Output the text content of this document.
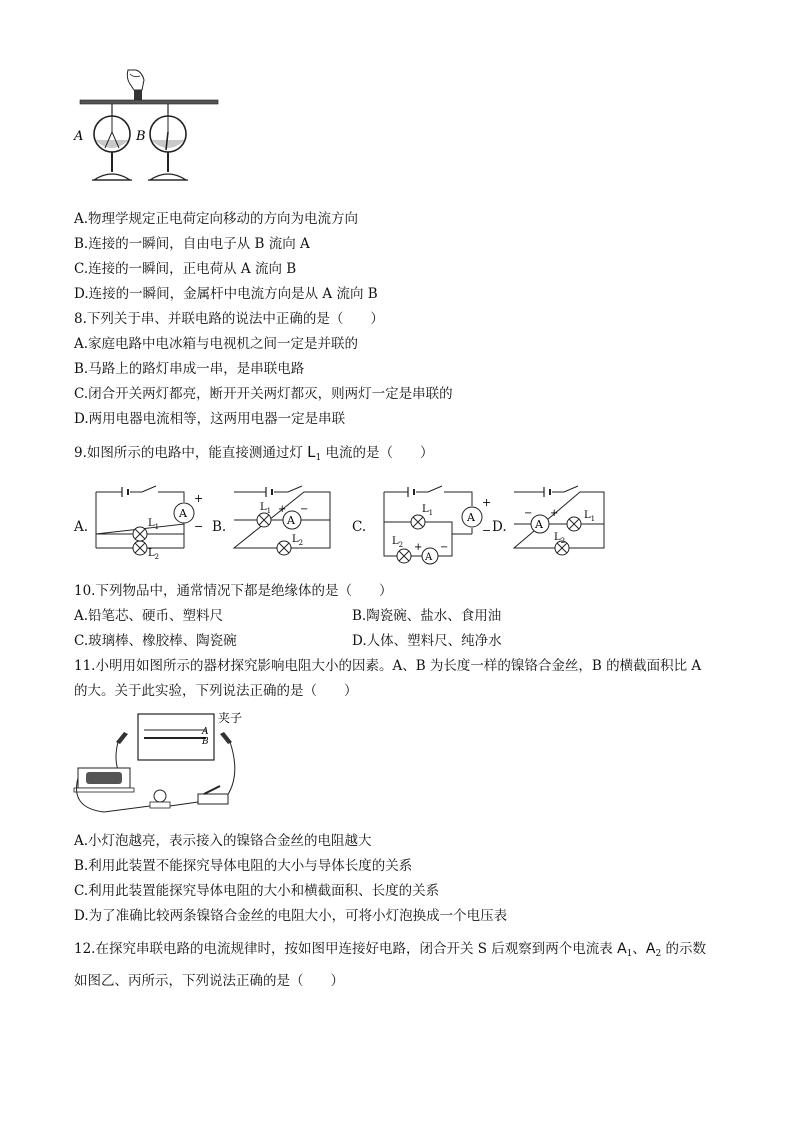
A	B
A.物理学规定正电荷定向移动的方向为电流方向
B.连接的一瞬间，自由电子从 B 流向 A
C.连接的一瞬间，正电荷从 A 流向 B
D.连接的一瞬间，金属杆中电流方向是从 A 流向 B
8.下列关于串、并联电路的说法中正确的是（　　）
A.家庭电路中电冰箱与电视机之间一定是并联的
B.马路上的路灯串成一串，是串联电路
C.闭合开关两灯都亮，断开开关两灯都灭，则两灯一定是串联的
D.两用电器电流相等，这两用电器一定是串联
9.如图所示的电路中，能直接测通过灯 $L_1$ 电流的是（　　）
A.
A
+
−
$L_1$
$L_2$
B.
$L_1$
A
+ −
$L_2$
C.
A
+
−
$L_1$
$L_2$
A
+ −
D.	A
− +	$L_1$
$L_2$
10.下列物品中，通常情况下都是绝缘体的是（　　）
A.铅笔芯、硬币、塑料尺	B.陶瓷碗、盐水、食用油
C.玻璃棒、橡胶棒、陶瓷碗	D.人体、塑料尺、纯净水
11.小明用如图所示的器材探究影响电阻大小的因素。A、B 为长度一样的镍铬合金丝，B 的横截面积比 A
的大。关于此实验，下列说法正确的是（　　）
A
B
夹子
A.小灯泡越亮，表示接入的镍铬合金丝的电阻越大
B.利用此装置不能探究导体电阻的大小与导体长度的关系
C.利用此装置能探究导体电阻的大小和横截面积、长度的关系
D.为了准确比较两条镍铬合金丝的电阻大小，可将小灯泡换成一个电压表
12.在探究串联电路的电流规律时，按如图甲连接好电路，闭合开关 S 后观察到两个电流表 $A_1$、$A_2$ 的示数
如图乙、丙所示，下列说法正确的是（　　）
